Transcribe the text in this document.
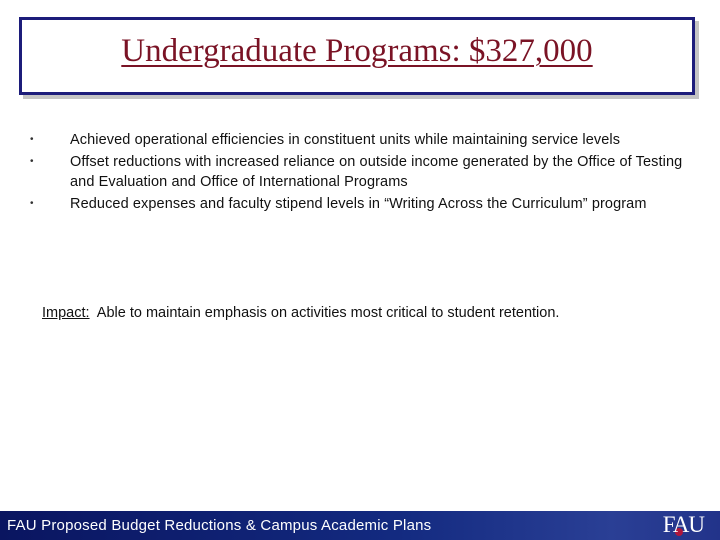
Undergraduate Programs: $327,000
•	Achieved operational efficiencies in constituent units while maintaining service levels
•	Offset reductions with increased reliance on outside income generated by the Office of Testing and Evaluation and Office of International Programs
•	Reduced expenses and faculty stipend levels in “Writing Across the Curriculum” program
Impact:  Able to maintain emphasis on activities most critical to student retention.
FAU Proposed Budget Reductions & Campus Academic Plans	FAU
